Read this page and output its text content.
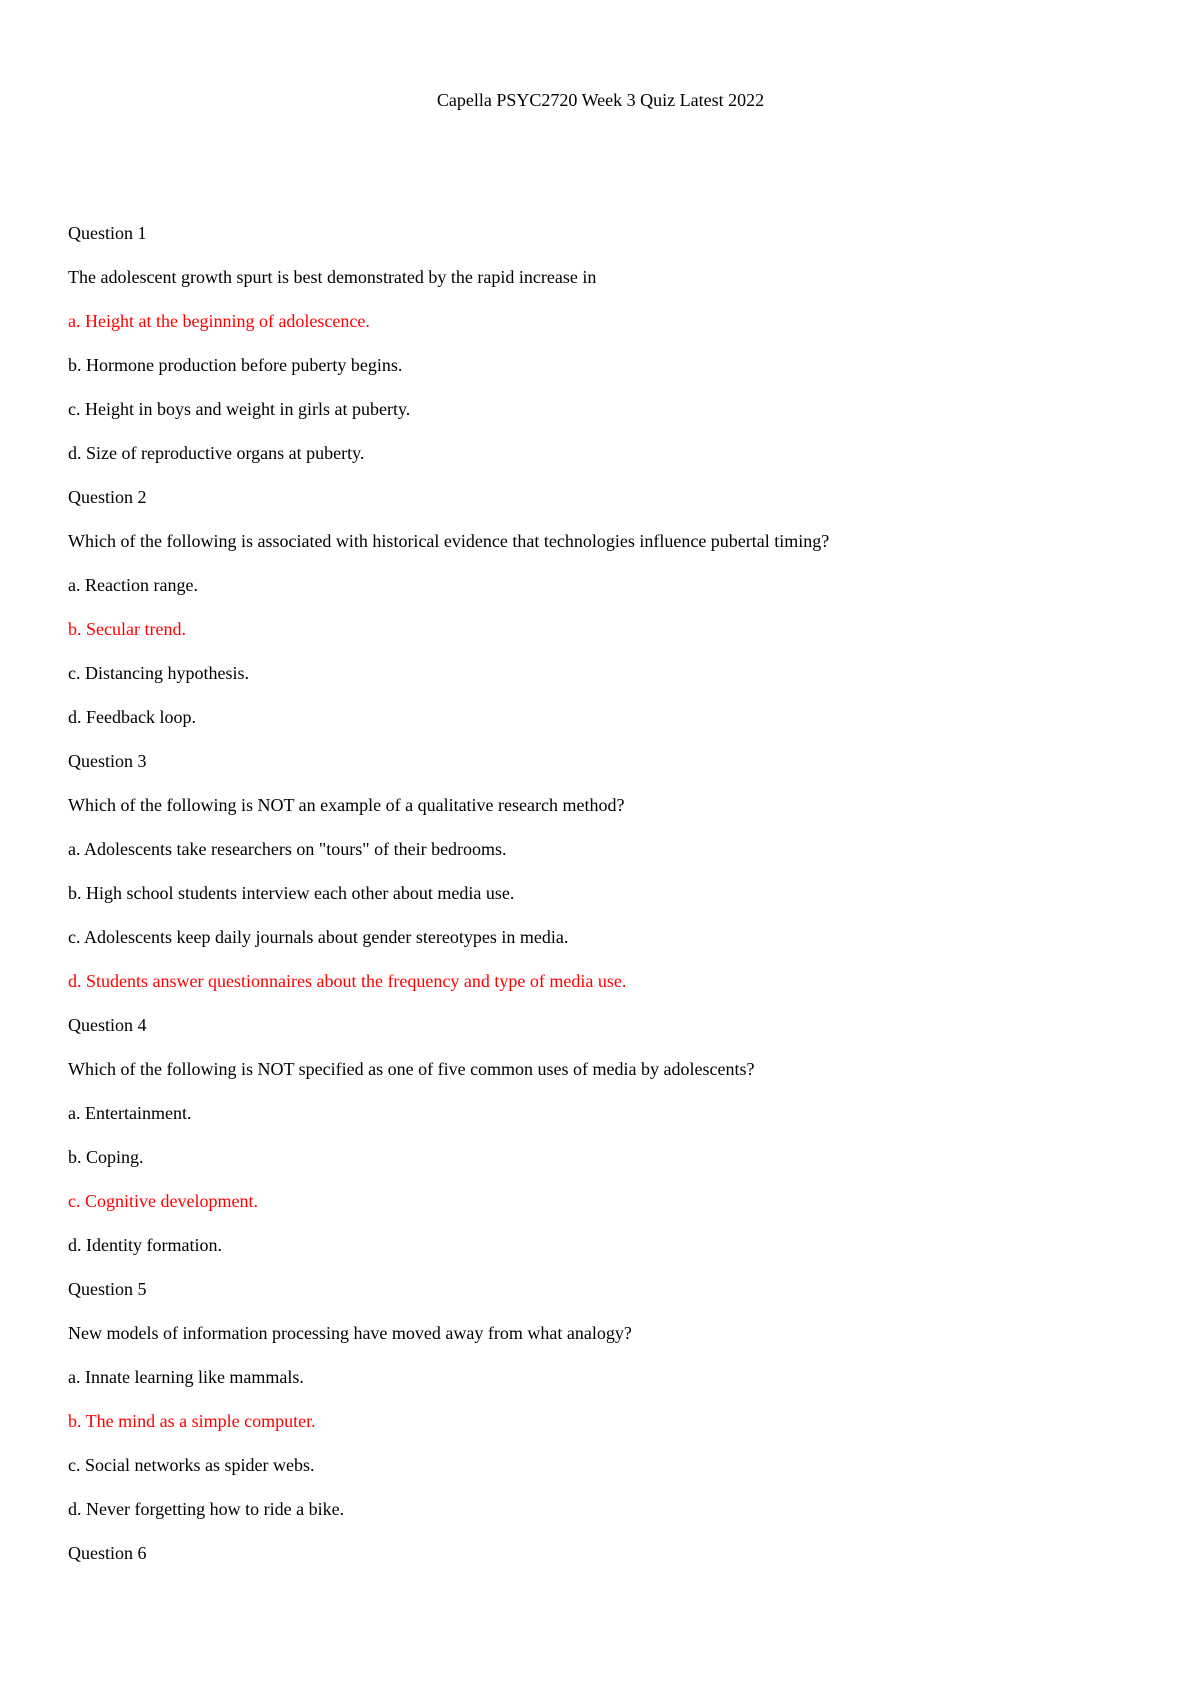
Capella PSYC2720 Week 3 Quiz Latest 2022
Question 1
The adolescent growth spurt is best demonstrated by the rapid increase in
a. Height at the beginning of adolescence.
b. Hormone production before puberty begins.
c. Height in boys and weight in girls at puberty.
d. Size of reproductive organs at puberty.
Question 2
Which of the following is associated with historical evidence that technologies influence pubertal timing?
a. Reaction range.
b. Secular trend.
c. Distancing hypothesis.
d. Feedback loop.
Question 3
Which of the following is NOT an example of a qualitative research method?
a. Adolescents take researchers on "tours" of their bedrooms.
b. High school students interview each other about media use.
c. Adolescents keep daily journals about gender stereotypes in media.
d. Students answer questionnaires about the frequency and type of media use.
Question 4
Which of the following is NOT specified as one of five common uses of media by adolescents?
a. Entertainment.
b. Coping.
c. Cognitive development.
d. Identity formation.
Question 5
New models of information processing have moved away from what analogy?
a. Innate learning like mammals.
b. The mind as a simple computer.
c. Social networks as spider webs.
d. Never forgetting how to ride a bike.
Question 6
